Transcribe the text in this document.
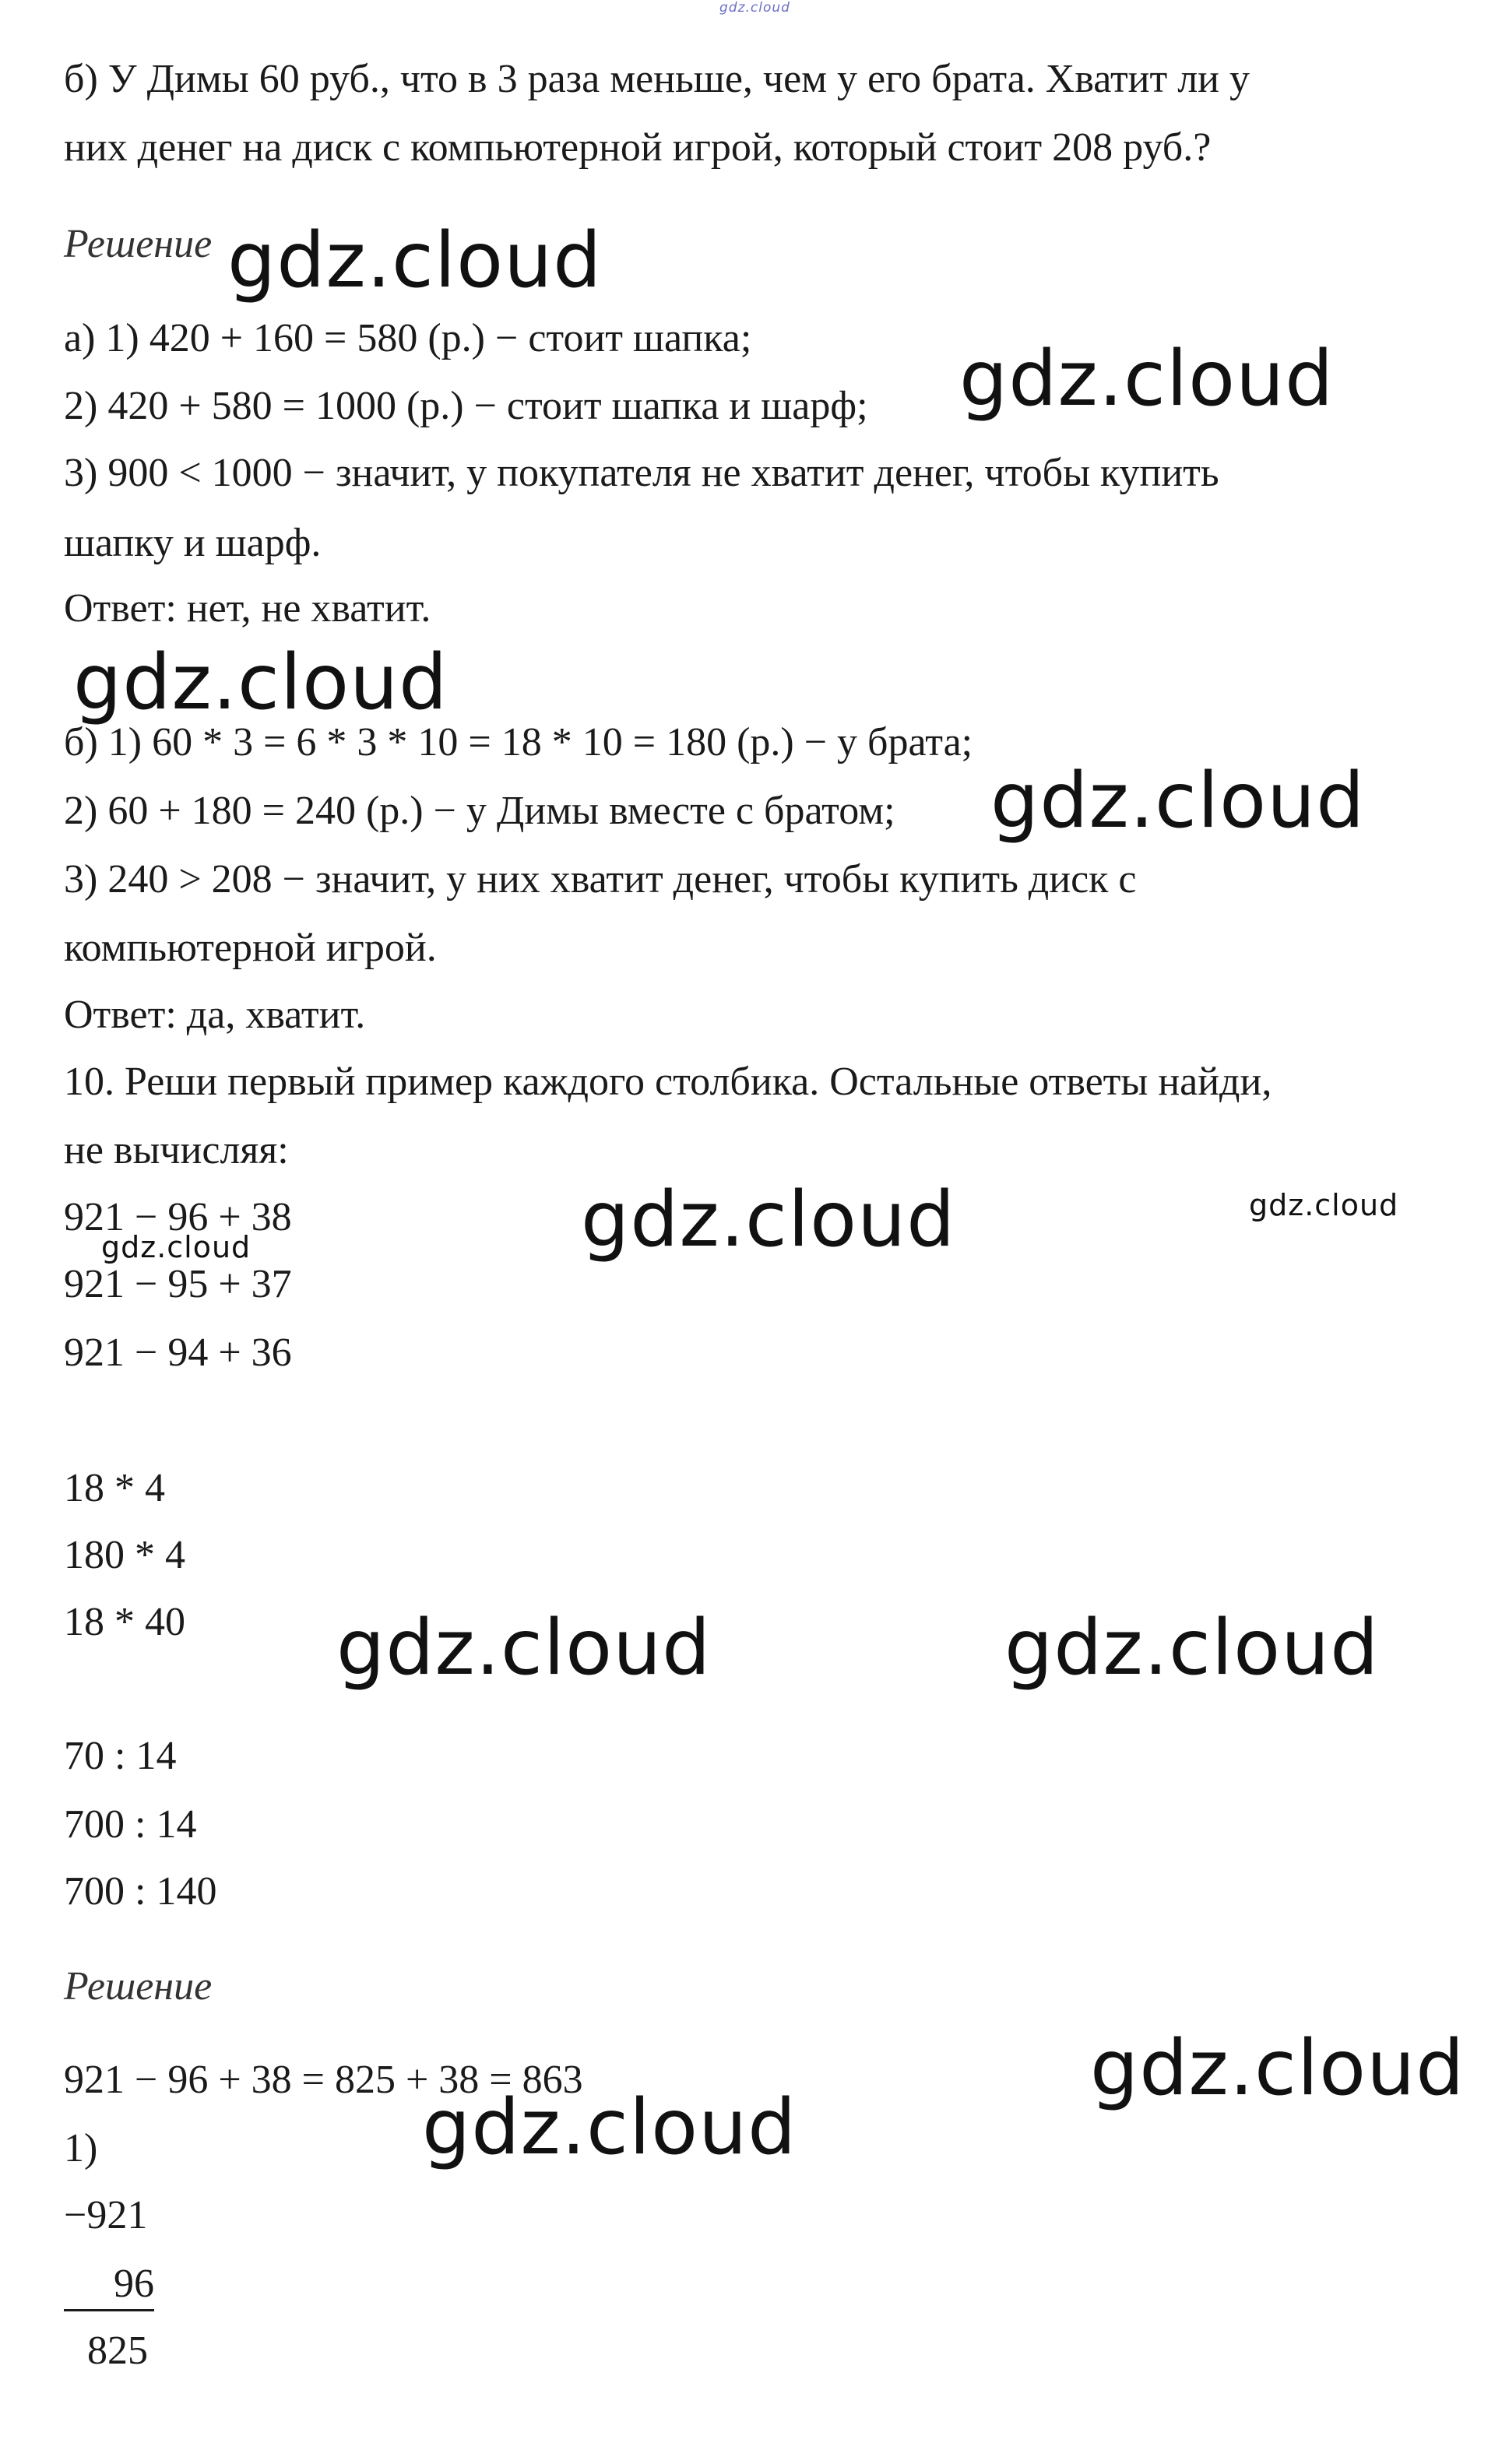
gdz.cloud
б) У Димы 60 руб., что в 3 раза меньше, чем у его брата. Хватит ли у
них денег на диск с компьютерной игрой, который стоит 208 руб.?
Решение gdz.cloud
а) 1) 420 + 160 = 580 (р.) − стоит шапка;	gdz.cloud
2) 420 + 580 = 1000 (р.) − стоит шапка и шарф;
3) 900 < 1000 − значит, у покупателя не хватит денег, чтобы купить
шапку и шарф.
Ответ: нет, не хватит.
gdz.cloud
б) 1) 60 * 3 = 6 * 3 * 10 = 18 * 10 = 180 (р.) − у брата;
2) 60 + 180 = 240 (р.) − у Димы вместе с братом; gdz.cloud
3) 240 > 208 − значит, у них хватит денег, чтобы купить диск с
компьютерной игрой.
Ответ: да, хватит.
10. Реши первый пример каждого столбика. Остальные ответы найди,
не вычисляя:
921 − 96 + 38
gdz.cloud	gdz.cloud	gdz.cloud
921 − 95 + 37
921 − 94 + 36
18 * 4
180 * 4
18 * 40 gdz.cloud	gdz.cloud
70 : 14
700 : 14
700 : 140
Решение
921 − 96 + 38 = 825 + 38 = 863	gdz.cloud
gdz.cloud
1)
−921
96
825
